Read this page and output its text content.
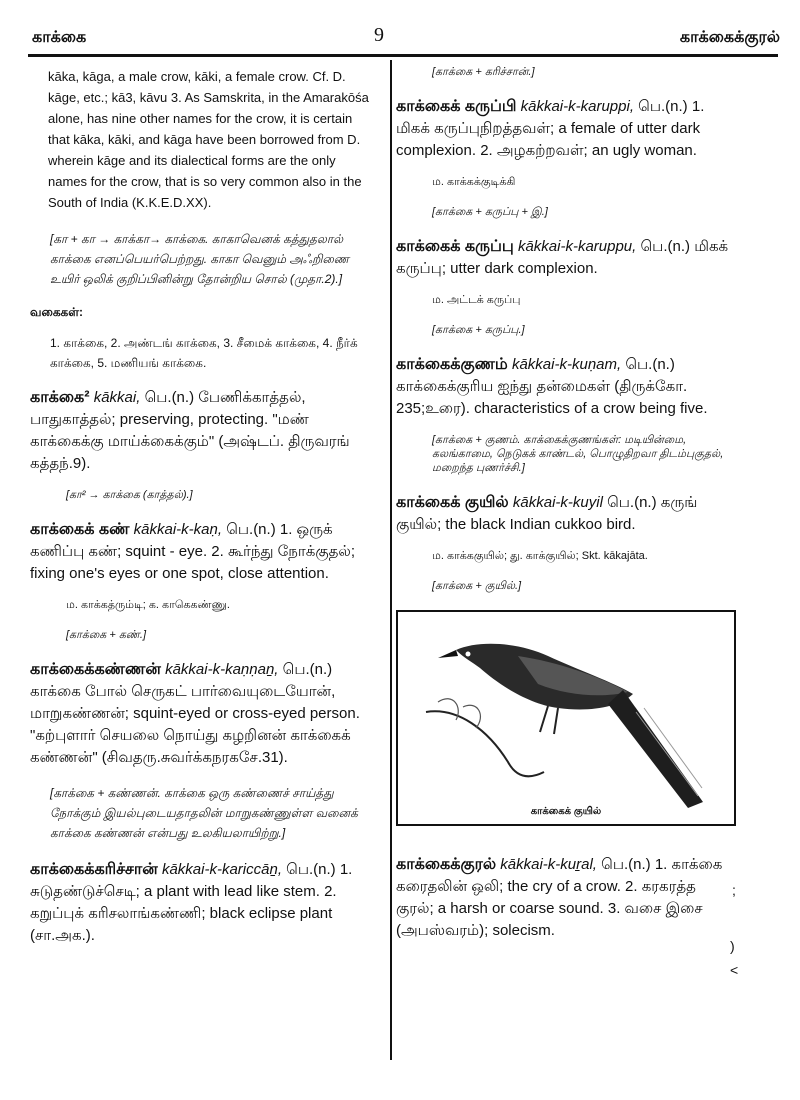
காக்கை	9	காக்கைக்குரல்

kāka, kāga, a male crow, kāki, a female crow. Cf. D. kāge, etc.; kā3, kāvu 3. As Samskrita, in the Amarakōśa alone, has nine other names for the crow, it is certain that kāka, kāki, and kāga have been borrowed from D. wherein kāge and its dialectical forms are the only names for the crow, that is so very common also in the South of India (K.K.E.D.XX).

[கா + கா → காக்கா→ காக்கை. காகாவெனக் கத்துதலால் காக்கை எனப்பெயர்பெற்றது. காகா வெனும் அஃறிணை உயிர் ஒலிக் குறிப்பினின்று தோன்றிய சொல் (முதா.2).]

வகைகள்:

1. காக்கை, 2. அண்டங் காக்கை, 3. சீமைக் காக்கை, 4. நீர்க் காக்கை, 5. மணியங் காக்கை.

காக்கை² kākkai, பெ.(n.) பேணிக்காத்தல், பாதுகாத்தல்; preserving, protecting. "மண் காக்கைக்கு மாய்க்கைக்கும்" (அஷ்டப். திருவரங் கத்தந்.9).

[கா² → காக்கை (காத்தல்).]

காக்கைக் கண் kākkai-k-kaṇ, பெ.(n.) 1. ஒருக் கணிப்பு கண்; squint - eye. 2. கூர்ந்து நோக்குதல்; fixing one's eyes or one spot, close attention.

ம. காக்கத்ரும்டி; க. காகெகண்ணு.

[காக்கை + கண்.]

காக்கைக்கண்ணன் kākkai-k-kaṇṇaṉ, பெ.(n.) காக்கை போல் செருகட் பார்வையுடையோன், மாறுகண்ணன்; squint-eyed or cross-eyed person. "கற்புளார் செயலை நொய்து கழறினன் காக்கைக் கண்ணன்" (சிவதரு.சுவர்க்கநரகசே.31).

[காக்கை + கண்ணன். காக்கை ஒரு கண்ணைச் சாய்த்து நோக்கும் இயல்புடையதாதலின் மாறுகண்ணுள்ள வனைக் காக்கை கண்ணன் என்பது உலகியலாயிற்று.]

காக்கைக்கரிச்சான் kākkai-k-kariccāṉ, பெ.(n.) 1. சுடுதண்டுச்செடி; a plant with lead like stem. 2. கறுப்புக் கரிசலாங்கண்ணி; black eclipse plant (சா.அக.).

[காக்கை + கரிச்சான்.]

காக்கைக் கருப்பி kākkai-k-karuppi, பெ.(n.) 1. மிகக் கருப்புநிறத்தவள்; a female of utter dark complexion. 2. அழகற்றவள்; an ugly woman.

ம. காக்கக்குடிக்கி

[காக்கை + கருப்பு + இ.]

காக்கைக் கருப்பு kākkai-k-karuppu, பெ.(n.) மிகக் கருப்பு; utter dark complexion.

ம. அட்டக் கருப்பு

[காக்கை + கருப்பு.]

காக்கைக்குணம் kākkai-k-kuṇam, பெ.(n.) காக்கைக்குரிய ஐந்து தன்மைகள் (திருக்கோ. 235;உரை). characteristics of a crow being five.

[காக்கை + குணம். காக்கைக்குணங்கள்: மடியின்மை, கலங்காமை, நெடுகக் காண்டல், பொழுதிறவா திடம்புகுதல், மறைந்த புணர்ச்சி.]

காக்கைக் குயில் kākkai-k-kuyil பெ.(n.) கருங் குயில்; the black Indian cukkoo bird.

ம. காக்ககுயில்; து. காக்குயில்; Skt. kākajāta.

[காக்கை + குயில்.]

காக்கைக் குயில்

காக்கைக்குரல் kākkai-k-kuṟal, பெ.(n.) 1. காக்கை கரைதலின் ஒலி; the cry of a crow. 2. கரகரத்த குரல்; a harsh or coarse sound. 3. வசை இசை (அபஸ்வரம்); solecism.

;
)
<
